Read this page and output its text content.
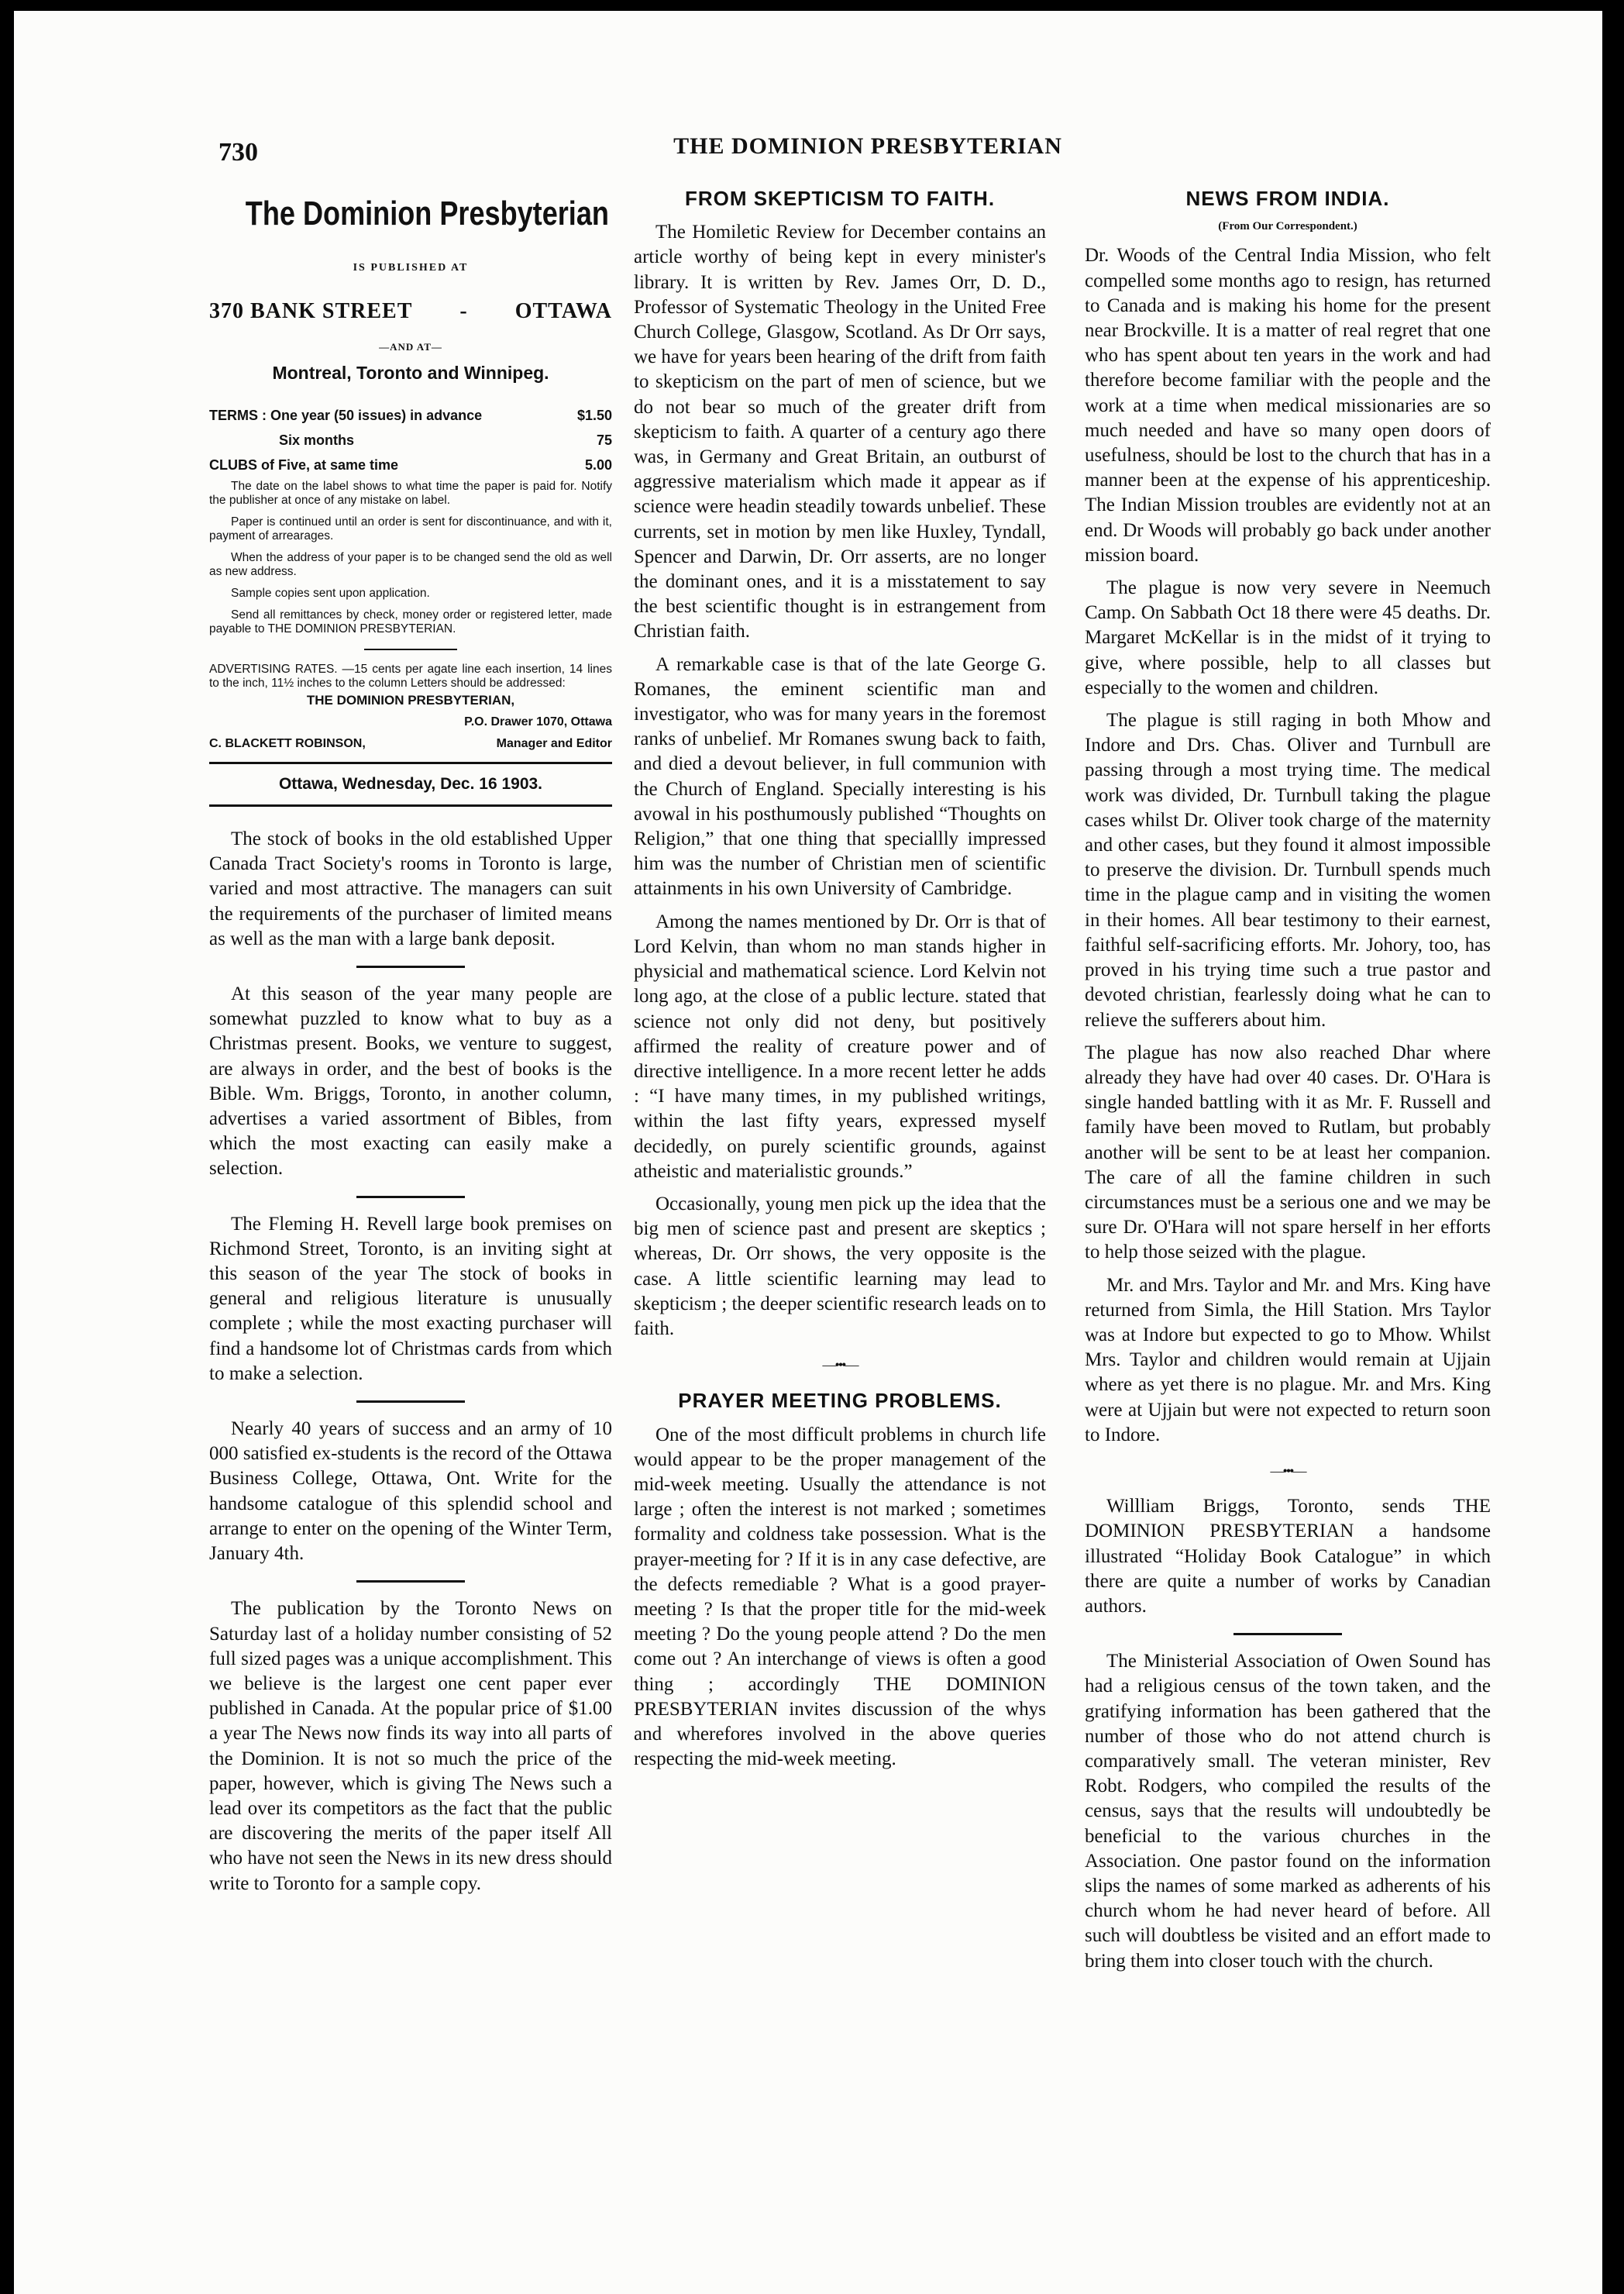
730	THE DOMINION PRESBYTERIAN
The Dominion Presbyterian
IS PUBLISHED AT
370 BANK STREET - OTTAWA
—AND AT—
Montreal, Toronto and Winnipeg.
TERMS : One year (50 issues) in advance	$1.50
Six months	75
CLUBS of Five, at same time	5.00

The date on the label shows to what time the paper is paid for. Notify the publisher at once of any mistake on label.

Paper is continued until an order is sent for discontinuance, and with it, payment of arrearages.

When the address of your paper is to be changed send the old as well as new address.

Sample copies sent upon application.

Send all remittances by check, money order or registered letter, made payable to THE DOMINION PRESBYTERIAN.

ADVERTISING RATES. —15 cents per agate line each insertion, 14 lines to the inch, 11½ inches to the column Letters should be addressed:
THE DOMINION PRESBYTERIAN,
P.O. Drawer 1070, Ottawa
C. BLACKETT ROBINSON,	Manager and Editor
Ottawa, Wednesday, Dec. 16 1903.

The stock of books in the old established Upper Canada Tract Society's rooms in Toronto is large, varied and most attractive. The managers can suit the requirements of the purchaser of limited means as well as the man with a large bank deposit.

At this season of the year many people are somewhat puzzled to know what to buy as a Christmas present. Books, we venture to suggest, are always in order, and the best of books is the Bible. Wm. Briggs, Toronto, in another column, advertises a varied assortment of Bibles, from which the most exacting can easily make a selection.

The Fleming H. Revell large book premises on Richmond Street, Toronto, is an inviting sight at this season of the year The stock of books in general and religious literature is unusually complete ; while the most exacting purchaser will find a handsome lot of Christmas cards from which to make a selection.

Nearly 40 years of success and an army of 10 000 satisfied ex-students is the record of the Ottawa Business College, Ottawa, Ont. Write for the handsome catalogue of this splendid school and arrange to enter on the opening of the Winter Term, January 4th.

The publication by the Toronto News on Saturday last of a holiday number consisting of 52 full sized pages was a unique accomplishment. This we believe is the largest one cent paper ever published in Canada. At the popular price of $1.00 a year The News now finds its way into all parts of the Dominion. It is not so much the price of the paper, however, which is giving The News such a lead over its competitors as the fact that the public are discovering the merits of the paper itself All who have not seen the News in its new dress should write to Toronto for a sample copy.

FROM SKEPTICISM TO FAITH.

The Homiletic Review for December contains an article worthy of being kept in every minister's library. It is written by Rev. James Orr, D. D., Professor of Systematic Theology in the United Free Church College, Glasgow, Scotland. As Dr Orr says, we have for years been hearing of the drift from faith to skepticism on the part of men of science, but we do not bear so much of the greater drift from skepticism to faith. A quarter of a century ago there was, in Germany and Great Britain, an outburst of aggressive materialism which made it appear as if science were headin steadily towards unbelief. These currents, set in motion by men like Huxley, Tyndall, Spencer and Darwin, Dr. Orr asserts, are no longer the dominant ones, and it is a misstatement to say the best scientific thought is in estrangement from Christian faith.

A remarkable case is that of the late George G. Romanes, the eminent scientific man and investigator, who was for many years in the foremost ranks of unbelief. Mr Romanes swung back to faith, and died a devout believer, in full communion with the Church of England. Specially interesting is his avowal in his posthumously published “Thoughts on Religion,” that one thing that speciallly impressed him was the number of Christian men of scientific attainments in his own University of Cambridge.

Among the names mentioned by Dr. Orr is that of Lord Kelvin, than whom no man stands higher in physicial and mathematical science. Lord Kelvin not long ago, at the close of a public lecture. stated that science not only did not deny, but positively affirmed the reality of creature power and of directive intelligence. In a more recent letter he adds : “I have many times, in my published writings, within the last fifty years, expressed myself decidedly, on purely scientific grounds, against atheistic and materialistic grounds.”

Occasionally, young men pick up the idea that the big men of science past and present are skeptics ; whereas, Dr. Orr shows, the very opposite is the case. A little scientific learning may lead to skepticism ; the deeper scientific research leads on to faith.

—•••—
PRAYER MEETING PROBLEMS.

One of the most difficult problems in church life would appear to be the proper management of the mid-week meeting. Usually the attendance is not large ; often the interest is not marked ; sometimes formality and coldness take possession. What is the prayer-meeting for ? If it is in any case defective, are the defects remediable ? What is a good prayer-meeting ? Is that the proper title for the mid-week meeting ? Do the young people attend ? Do the men come out ? An interchange of views is often a good thing ; accordingly THE DOMINION PRESBYTERIAN invites discussion of the whys and wherefores involved in the above queries respecting the mid-week meeting.

NEWS FROM INDIA.
(From Our Correspondent.)

Dr. Woods of the Central India Mission, who felt compelled some months ago to resign, has returned to Canada and is making his home for the present near Brockville. It is a matter of real regret that one who has spent about ten years in the work and had therefore become familiar with the people and the work at a time when medical missionaries are so much needed and have so many open doors of usefulness, should be lost to the church that has in a manner been at the expense of his apprenticeship. The Indian Mission troubles are evidently not at an end. Dr Woods will probably go back under another mission board.

The plague is now very severe in Neemuch Camp. On Sabbath Oct 18 there were 45 deaths. Dr. Margaret McKellar is in the midst of it trying to give, where possible, help to all classes but especially to the women and children.

The plague is still raging in both Mhow and Indore and Drs. Chas. Oliver and Turnbull are passing through a most trying time. The medical work was divided, Dr. Turnbull taking the plague cases whilst Dr. Oliver took charge of the maternity and other cases, but they found it almost impossible to preserve the division. Dr. Turnbull spends much time in the plague camp and in visiting the women in their homes. All bear testimony to their earnest, faithful self-sacrificing efforts. Mr. Johory, too, has proved in his trying time such a true pastor and devoted christian, fearlessly doing what he can to relieve the sufferers about him.

The plague has now also reached Dhar where already they have had over 40 cases. Dr. O'Hara is single handed battling with it as Mr. F. Russell and family have been moved to Rutlam, but probably another will be sent to be at least her companion. The care of all the famine children in such circumstances must be a serious one and we may be sure Dr. O'Hara will not spare herself in her efforts to help those seized with the plague.

Mr. and Mrs. Taylor and Mr. and Mrs. King have returned from Simla, the Hill Station. Mrs Taylor was at Indore but expected to go to Mhow. Whilst Mrs. Taylor and children would remain at Ujjain where as yet there is no plague. Mr. and Mrs. King were at Ujjain but were not expected to return soon to Indore.

—•••—

Willliam Briggs, Toronto, sends THE DOMINION PRESBYTERIAN a handsome illustrated “Holiday Book Catalogue” in which there are quite a number of works by Canadian authors.

The Ministerial Association of Owen Sound has had a religious census of the town taken, and the gratifying information has been gathered that the number of those who do not attend church is comparatively small. The veteran minister, Rev Robt. Rodgers, who compiled the results of the census, says that the results will undoubtedly be beneficial to the various churches in the Association. One pastor found on the information slips the names of some marked as adherents of his church whom he had never heard of before. All such will doubtless be visited and an effort made to bring them into closer touch with the church.
